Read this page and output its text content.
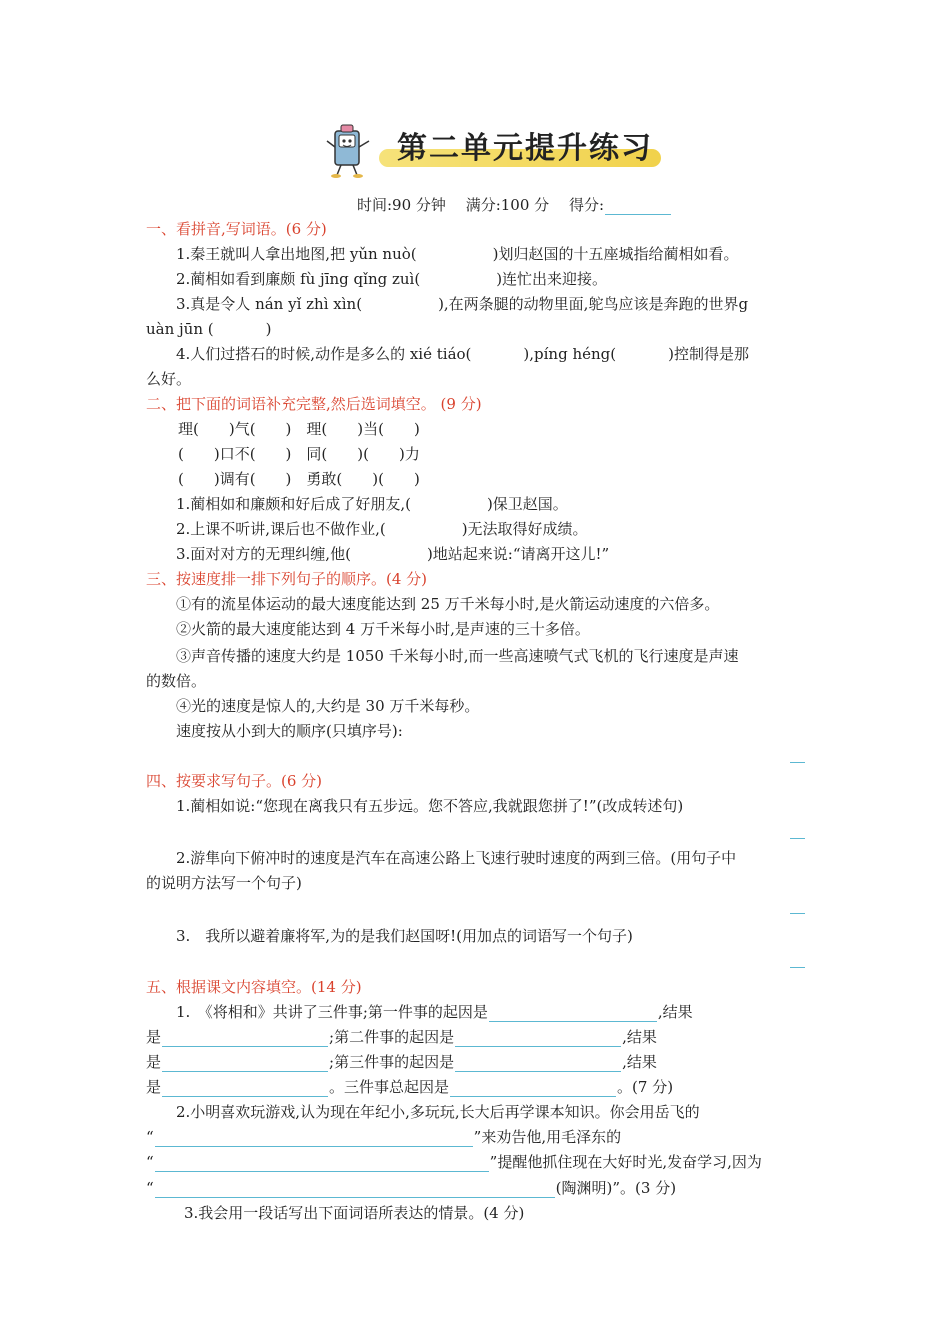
第二单元提升练习
时间:90 分钟　 满分:100 分　 得分:
一、看拼音,写词语。(6 分)
1.秦王就叫人拿出地图,把 yǔn nuò(	)划归赵国的十五座城指给蔺相如看。
2.蔺相如看到廉颇 fù jīng qǐng zuì(	)连忙出来迎接。
3.真是令人 nán yǐ zhì xìn(	),在两条腿的动物里面,鸵鸟应该是奔跑的世界g
uàn jūn (	)
4.人们过搭石的时候,动作是多么的 xié tiáo(	),píng héng(	)控制得是那
么好。
二、把下面的词语补充完整,然后选词填空。 (9 分)
理(　　)气(　　)　理(　　)当(　　)
(　　)口不(　　)　同(　　)(　　)力
(　　)调有(　　)　勇敢(　　)(　　)
1.蔺相如和廉颇和好后成了好朋友,(	)保卫赵国。
2.上课不听讲,课后也不做作业,(	)无法取得好成绩。
3.面对对方的无理纠缠,他(	)地站起来说:“请离开这儿!”
三、按速度排一排下列句子的顺序。(4 分)
①有的流星体运动的最大速度能达到 25 万千米每小时,是火箭运动速度的六倍多。
②火箭的最大速度能达到 4 万千米每小时,是声速的三十多倍。
③声音传播的速度大约是 1050 千米每小时,而一些高速喷气式飞机的飞行速度是声速
的数倍。
④光的速度是惊人的,大约是 30 万千米每秒。
速度按从小到大的顺序(只填序号):
四、按要求写句子。(6 分)
1.蔺相如说:“您现在离我只有五步远。您不答应,我就跟您拼了!”(改成转述句)
2.游隼向下俯冲时的速度是汽车在高速公路上飞速行驶时速度的两到三倍。(用句子中
的说明方法写一个句子)
3.　我所以避着廉将军,为的是我们赵国呀!(用加点的词语写一个句子)
五、根据课文内容填空。(14 分)
1.　《将相和》共讲了三件事;第一件事的起因是	,结果
是	;第二件事的起因是	,结果
是	;第三件事的起因是	,结果
是	。三件事总起因是	。(7 分)
2.小明喜欢玩游戏,认为现在年纪小,多玩玩,长大后再学课本知识。你会用岳飞的
“	”来劝告他,用毛泽东的
“	”提醒他抓住现在大好时光,发奋学习,因为
“	(陶渊明)”。(3 分)
3.我会用一段话写出下面词语所表达的情景。(4 分)
